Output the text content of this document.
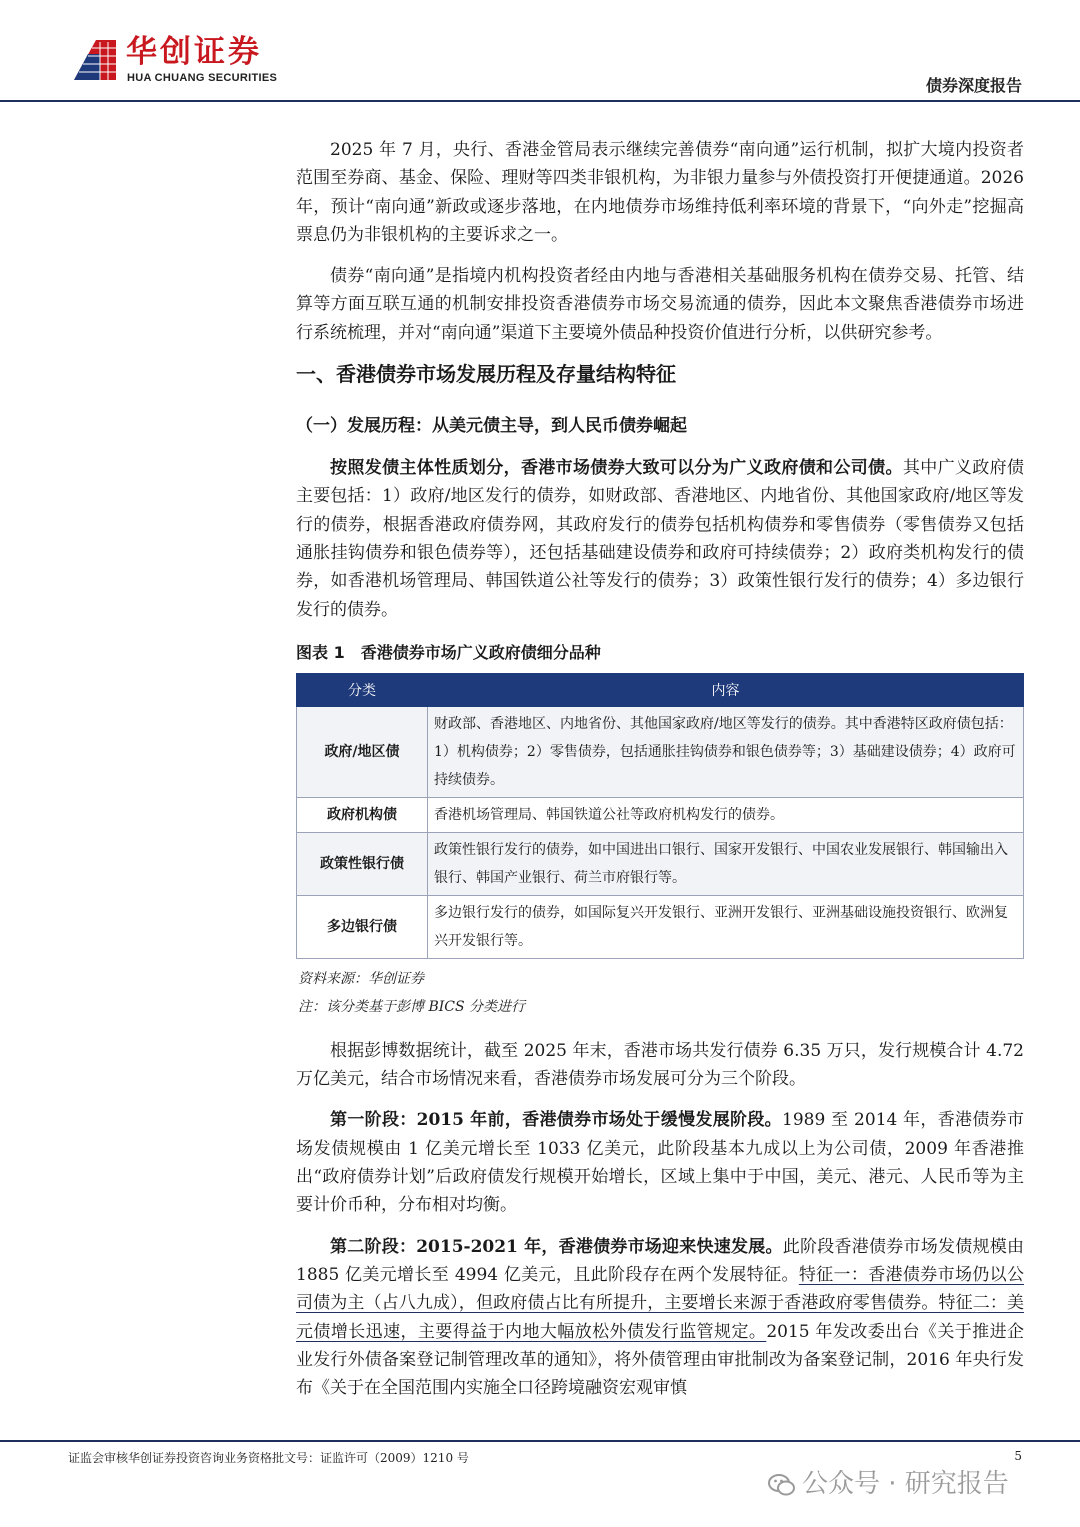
华创证券
HUA CHUANG SECURITIES	债券深度报告

2025 年 7 月，央行、香港金管局表示继续完善债券“南向通”运行机制，拟扩大境内投资者范围至券商、基金、保险、理财等四类非银机构，为非银力量参与外债投资打开便捷通道。2026 年，预计“南向通”新政或逐步落地，在内地债券市场维持低利率环境的背景下，“向外走”挖掘高票息仍为非银机构的主要诉求之一。

债券“南向通”是指境内机构投资者经由内地与香港相关基础服务机构在债券交易、托管、结算等方面互联互通的机制安排投资香港债券市场交易流通的债券，因此本文聚焦香港债券市场进行系统梳理，并对“南向通”渠道下主要境外债品种投资价值进行分析，以供研究参考。

一、香港债券市场发展历程及存量结构特征
（一）发展历程：从美元债主导，到人民币债券崛起

按照发债主体性质划分，香港市场债券大致可以分为广义政府债和公司债。其中广义政府债主要包括：1）政府/地区发行的债券，如财政部、香港地区、内地省份、其他国家政府/地区等发行的债券，根据香港政府债券网，其政府发行的债券包括机构债券和零售债券（零售债券又包括通胀挂钩债券和银色债券等），还包括基础建设债券和政府可持续债券；2）政府类机构发行的债券，如香港机场管理局、韩国铁道公社等发行的债券；3）政策性银行发行的债券；4）多边银行发行的债券。

图表 1　香港债券市场广义政府债细分品种
分类	内容
政府/地区债	财政部、香港地区、内地省份、其他国家政府/地区等发行的债券。其中香港特区政府债包括：1）机构债券；2）零售债券，包括通胀挂钩债券和银色债券等；3）基础建设债券；4）政府可持续债券。
政府机构债	香港机场管理局、韩国铁道公社等政府机构发行的债券。
政策性银行债	政策性银行发行的债券，如中国进出口银行、国家开发银行、中国农业发展银行、韩国输出入银行、韩国产业银行、荷兰市府银行等。
多边银行债	多边银行发行的债券，如国际复兴开发银行、亚洲开发银行、亚洲基础设施投资银行、欧洲复兴开发银行等。
资料来源：华创证券
注：该分类基于彭博 BICS 分类进行

根据彭博数据统计，截至 2025 年末，香港市场共发行债券 6.35 万只，发行规模合计 4.72 万亿美元，结合市场情况来看，香港债券市场发展可分为三个阶段。

第一阶段：2015 年前，香港债券市场处于缓慢发展阶段。1989 至 2014 年，香港债券市场发债规模由 1 亿美元增长至 1033 亿美元，此阶段基本九成以上为公司债，2009 年香港推出“政府债券计划”后政府债发行规模开始增长，区域上集中于中国，美元、港元、人民币等为主要计价币种，分布相对均衡。

第二阶段：2015-2021 年，香港债券市场迎来快速发展。此阶段香港债券市场发债规模由 1885 亿美元增长至 4994 亿美元，且此阶段存在两个发展特征。特征一：香港债券市场仍以公司债为主（占八九成），但政府债占比有所提升，主要增长来源于香港政府零售债券。特征二：美元债增长迅速，主要得益于内地大幅放松外债发行监管规定。2015 年发改委出台《关于推进企业发行外债备案登记制管理改革的通知》，将外债管理由审批制改为备案登记制，2016 年央行发布《关于在全国范围内实施全口径跨境融资宏观审慎

证监会审核华创证券投资咨询业务资格批文号：证监许可（2009）1210 号	5
公众号 · 研究报告
